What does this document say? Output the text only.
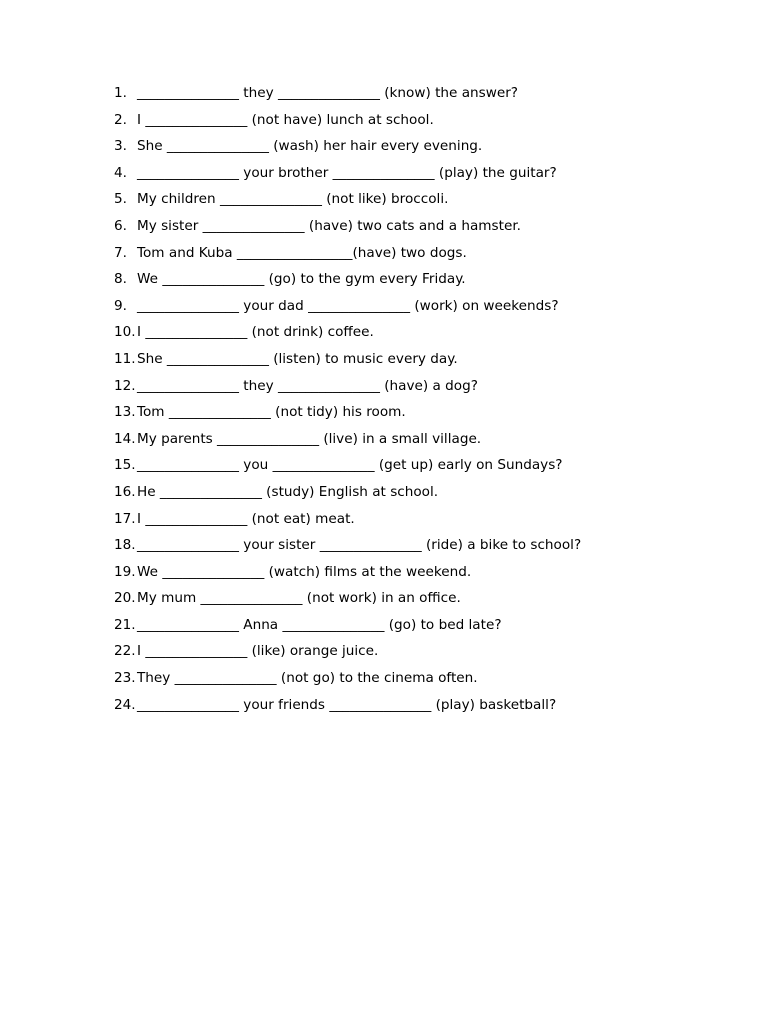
1. _______________ they _______________ (know) the answer?
2. I _______________ (not have) lunch at school.
3. She _______________ (wash) her hair every evening.
4. _______________ your brother _______________ (play) the guitar?
5. My children _______________ (not like) broccoli.
6. My sister _______________ (have) two cats and a hamster.
7. Tom and Kuba _________________(have) two dogs.
8. We _______________ (go) to the gym every Friday.
9. _______________ your dad _______________ (work) on weekends?
10. I _______________ (not drink) coffee.
11. She _______________ (listen) to music every day.
12. _______________ they _______________ (have) a dog?
13. Tom _______________ (not tidy) his room.
14. My parents _______________ (live) in a small village.
15. _______________ you _______________ (get up) early on Sundays?
16. He _______________ (study) English at school.
17. I _______________ (not eat) meat.
18. _______________ your sister _______________ (ride) a bike to school?
19. We _______________ (watch) films at the weekend.
20. My mum _______________ (not work) in an office.
21. _______________ Anna _______________ (go) to bed late?
22. I _______________ (like) orange juice.
23. They _______________ (not go) to the cinema often.
24. _______________ your friends _______________ (play) basketball?
